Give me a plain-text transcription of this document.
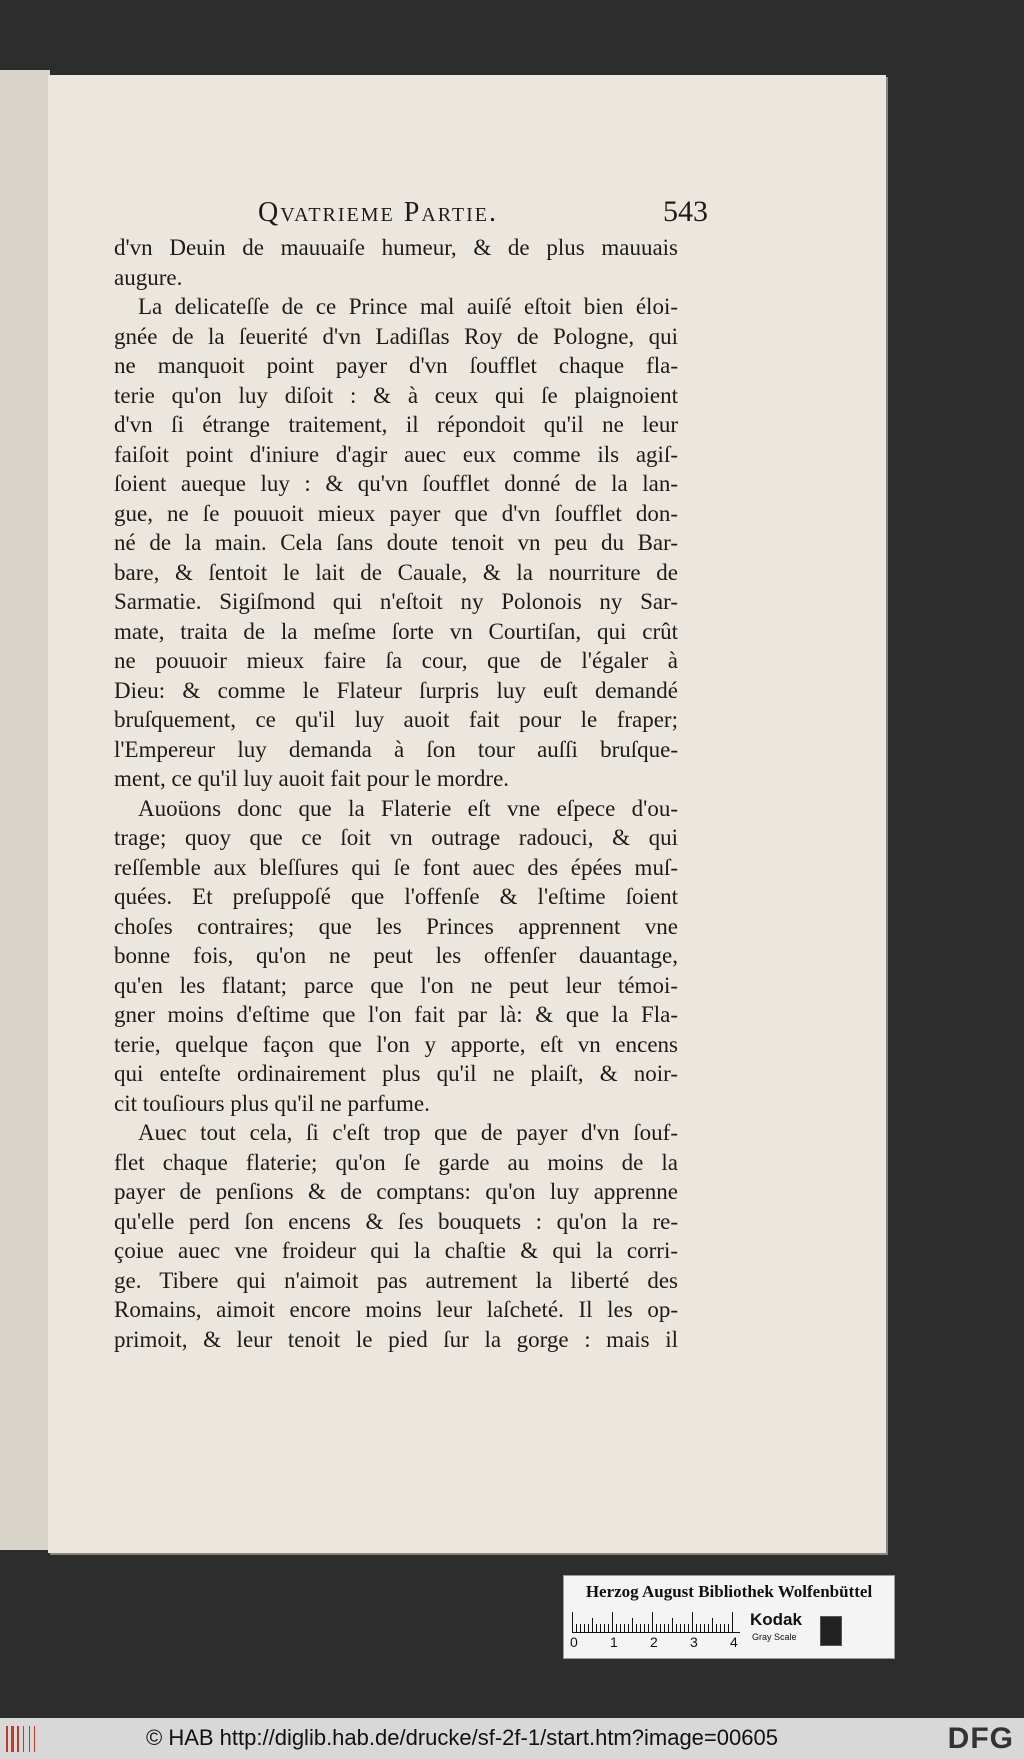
Qvatrieme Partie.	543
d'vn Deuin de mauuaiſe humeur, & de plus mauuais
augure.
La delicateſſe de ce Prince mal auiſé eſtoit bien éloi-
gnée de la ſeuerité d'vn Ladiſlas Roy de Pologne, qui
ne manquoit point payer d'vn ſoufflet chaque fla-
terie qu'on luy diſoit : & à ceux qui ſe plaignoient
d'vn ſi étrange traitement, il répondoit qu'il ne leur
faiſoit point d'iniure d'agir auec eux comme ils agiſ-
ſoient aueque luy : & qu'vn ſoufflet donné de la lan-
gue, ne ſe pouuoit mieux payer que d'vn ſoufflet don-
né de la main. Cela ſans doute tenoit vn peu du Bar-
bare, & ſentoit le lait de Cauale, & la nourriture de
Sarmatie. Sigiſmond qui n'eſtoit ny Polonois ny Sar-
mate, traita de la meſme ſorte vn Courtiſan, qui crût
ne pouuoir mieux faire ſa cour, que de l'égaler à
Dieu: & comme le Flateur ſurpris luy euſt demandé
bruſquement, ce qu'il luy auoit fait pour le fraper;
l'Empereur luy demanda à ſon tour auſſi bruſque-
ment, ce qu'il luy auoit fait pour le mordre.
Auoüons donc que la Flaterie eſt vne eſpece d'ou-
trage; quoy que ce ſoit vn outrage radouci, & qui
reſſemble aux bleſſures qui ſe font auec des épées muſ-
quées. Et preſuppoſé que l'offenſe & l'eſtime ſoient
choſes contraires; que les Princes apprennent vne
bonne fois, qu'on ne peut les offenſer dauantage,
qu'en les flatant; parce que l'on ne peut leur témoi-
gner moins d'eſtime que l'on fait par là: & que la Fla-
terie, quelque façon que l'on y apporte, eſt vn encens
qui enteſte ordinairement plus qu'il ne plaiſt, & noir-
cit touſiours plus qu'il ne parfume.
Auec tout cela, ſi c'eſt trop que de payer d'vn ſouf-
flet chaque flaterie; qu'on ſe garde au moins de la
payer de penſions & de comptans: qu'on luy apprenne
qu'elle perd ſon encens & ſes bouquets : qu'on la re-
çoiue auec vne froideur qui la chaſtie & qui la corri-
ge. Tibere qui n'aimoit pas autrement la liberté des
Romains, aimoit encore moins leur laſcheté. Il les op-
primoit, & leur tenoit le pied ſur la gorge : mais il
Herzog August Bibliothek Wolfenbüttel
0 1 2 3 4
Kodak
Gray Scale
© HAB http://diglib.hab.de/drucke/sf-2f-1/start.htm?image=00605	DFG
